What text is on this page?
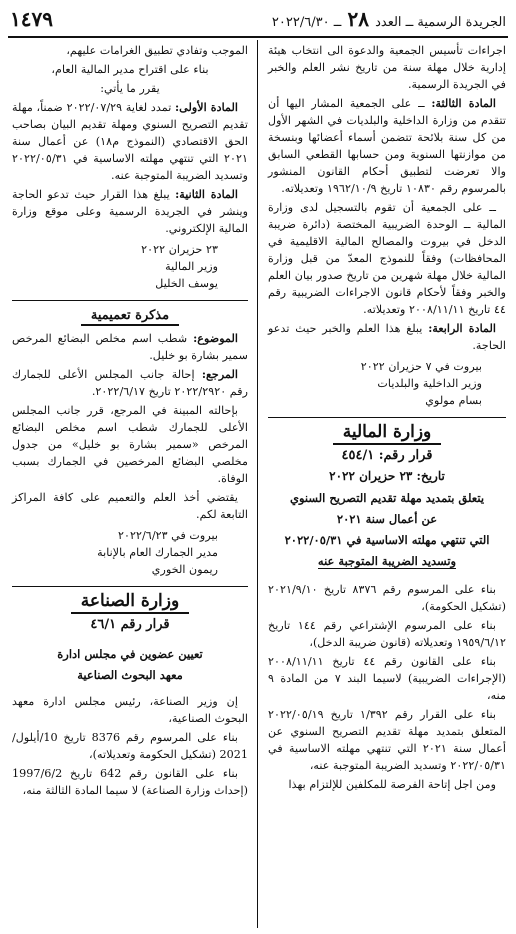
الجريدة الرسمية ــ العدد ٢٨ ــ ٢٠٢٢/٦/٣٠
١٤٧٩

اجراءات تأسيس الجمعية والدعوة الى انتخاب هيئة إدارية خلال مهلة سنة من تاريخ نشر العلم والخبر في الجريدة الرسمية.

المادة الثالثة: ــ على الجمعية المشار اليها أن تتقدم من وزارة الداخلية والبلديات في الشهر الأول من كل سنة بلائحة تتضمن أسماء أعضائها وبنسخة من موازنتها السنوية ومن حسابها القطعي السابق والا تعرضت لتطبيق أحكام القانون المنشور بالمرسوم رقم ١٠٨٣٠ تاريخ ١٩٦٢/١٠/٩ وتعديلاته.

ــ على الجمعية أن تقوم بالتسجيل لدى وزارة المالية ــ الوحدة الضريبية المختصة (دائرة ضريبة الدخل في بيروت والمصالح المالية الاقليمية في المحافظات) وفقاً للنموذج المعدّ من قبل وزارة المالية خلال مهلة شهرين من تاريخ صدور بيان العلم والخبر وفقاً لأحكام قانون الاجراءات الضريبية رقم ٤٤ تاريخ ٢٠٠٨/١١/١١ وتعديلاته.

المادة الرابعة: يبلغ هذا العلم والخبر حيث تدعو الحاجة.

بيروت في ٧ حزيران ٢٠٢٢

وزير الداخلية والبلديات

بسام مولوي

وزارة المالية
قرار رقم: ٤٥٤/١
تاريخ: ٢٣ حزيران ٢٠٢٢
يتعلق بتمديد مهلة تقديم التصريح السنوي
عن أعمال سنة ٢٠٢١
التي تنتهي مهلته الاساسية في ٢٠٢٢/٠٥/٣١
وتسديد الضريبة المتوجبة عنه

بناء على المرسوم رقم ٨٣٧٦ تاريخ ٢٠٢١/٩/١٠ (تشكيل الحكومة)،

بناء على المرسوم الإشتراعي رقم ١٤٤ تاريخ ١٩٥٩/٦/١٢ وتعديلاته (قانون ضريبة الدخل)،

بناء على القانون رقم ٤٤ تاريخ ٢٠٠٨/١١/١١ (الإجراءات الضريبية) لاسيما البند ٧ من المادة ٩ منه،

بناء على القرار رقم ١/٣٩٢ تاريخ ٢٠٢٢/٠٥/١٩ المتعلق بتمديد مهلة تقديم التصريح السنوي عن أعمال سنة ٢٠٢١ التي تنتهي مهلته الاساسية في ٢٠٢٢/٠٥/٣١ وتسديد الضريبة المتوجبة عنه،

ومن اجل إتاحة الفرصة للمكلفين للإلتزام بهذا

الموجب وتفادي تطبيق الغرامات عليهم،

بناء على اقتراح مدير المالية العام،

يقرر ما يأتي:

المادة الأولى: تمدد لغاية ٢٠٢٢/٠٧/٢٩ ضمناً، مهلة تقديم التصريح السنوي ومهلة تقديم البيان بصاحب الحق الاقتصادي (النموذج م١٨) عن أعمال سنة ٢٠٢١ التي تنتهي مهلته الاساسية في ٢٠٢٢/٠٥/٣١ وتسديد الضريبة المتوجبة عنه.

المادة الثانية: يبلغ هذا القرار حيث تدعو الحاجة وينشر في الجريدة الرسمية وعلى موقع وزارة المالية الإلكتروني.

٢٣ حزيران ٢٠٢٢

وزير المالية

يوسف الخليل

مذكرة تعميمية

الموضوع: شطب اسم مخلص البضائع المرخص سمير بشارة بو خليل.

المرجع: إحالة جانب المجلس الأعلى للجمارك رقم ٢٠٢٢/٢٩٢٠ تاريخ ٢٠٢٢/٦/١٧.

بإحالته المبينة في المرجع، قرر جانب المجلس الأعلى للجمارك شطب اسم مخلص البضائع المرخص «سمير بشارة بو خليل» من جدول مخلصي البضائع المرخصين في الجمارك بسبب الوفاة.

يقتضي أخذ العلم والتعميم على كافة المراكز التابعة لكم.

بيروت في ٢٠٢٢/٦/٢٣

مدير الجمارك العام بالإنابة

ريمون الخوري

وزارة الصناعة
قرار رقم ٤٦/١
تعيين عضوين في مجلس ادارة
معهد البحوث الصناعية

إن وزير الصناعة، رئيس مجلس ادارة معهد البحوث الصناعية،

بناء على المرسوم رقم 8376 تاريخ 10/أيلول/ 2021 (تشكيل الحكومة وتعديلاته)،

بناء على القانون رقم 642 تاريخ 1997/6/2 (إحداث وزارة الصناعة) لا سيما المادة الثالثة منه،
